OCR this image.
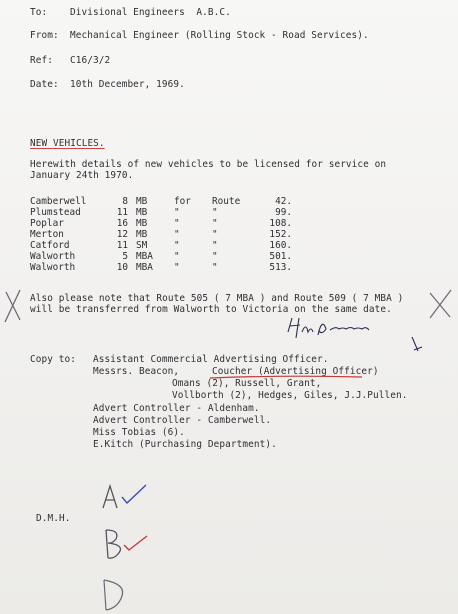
To: Divisional Engineers  A.B.C.
From: Mechanical Engineer (Rolling Stock - Road Services).
Ref: C16/3/2
Date: 10th December, 1969.
NEW VEHICLES.
Herewith details of new vehicles to be licensed for service on
January 24th 1970.
Camberwell	8	MB	for	Route	42.
Plumstead	11	MB	"	"	99.
Poplar	16	MB	"	"	108.
Merton	12	MB	"	"	152.
Catford	11	SM	"	"	160.
Walworth	5	MBA	"	"	501.
Walworth	10	MBA	"	"	513.
Also please note that Route 505 ( 7 MBA ) and Route 509 ( 7 MBA )
will be transferred from Walworth to Victoria on the same date.
Copy to: Assistant Commercial Advertising Officer.
Messrs. Beacon,	Coucher (Advertising Officer)
Omans (2), Russell, Grant,
Vollborth (2), Hedges, Giles, J.J.Pullen.
Advert Controller - Aldenham.
Advert Controller - Camberwell.
Miss Tobias (6).
E.Kitch (Purchasing Department).
D.M.H.
